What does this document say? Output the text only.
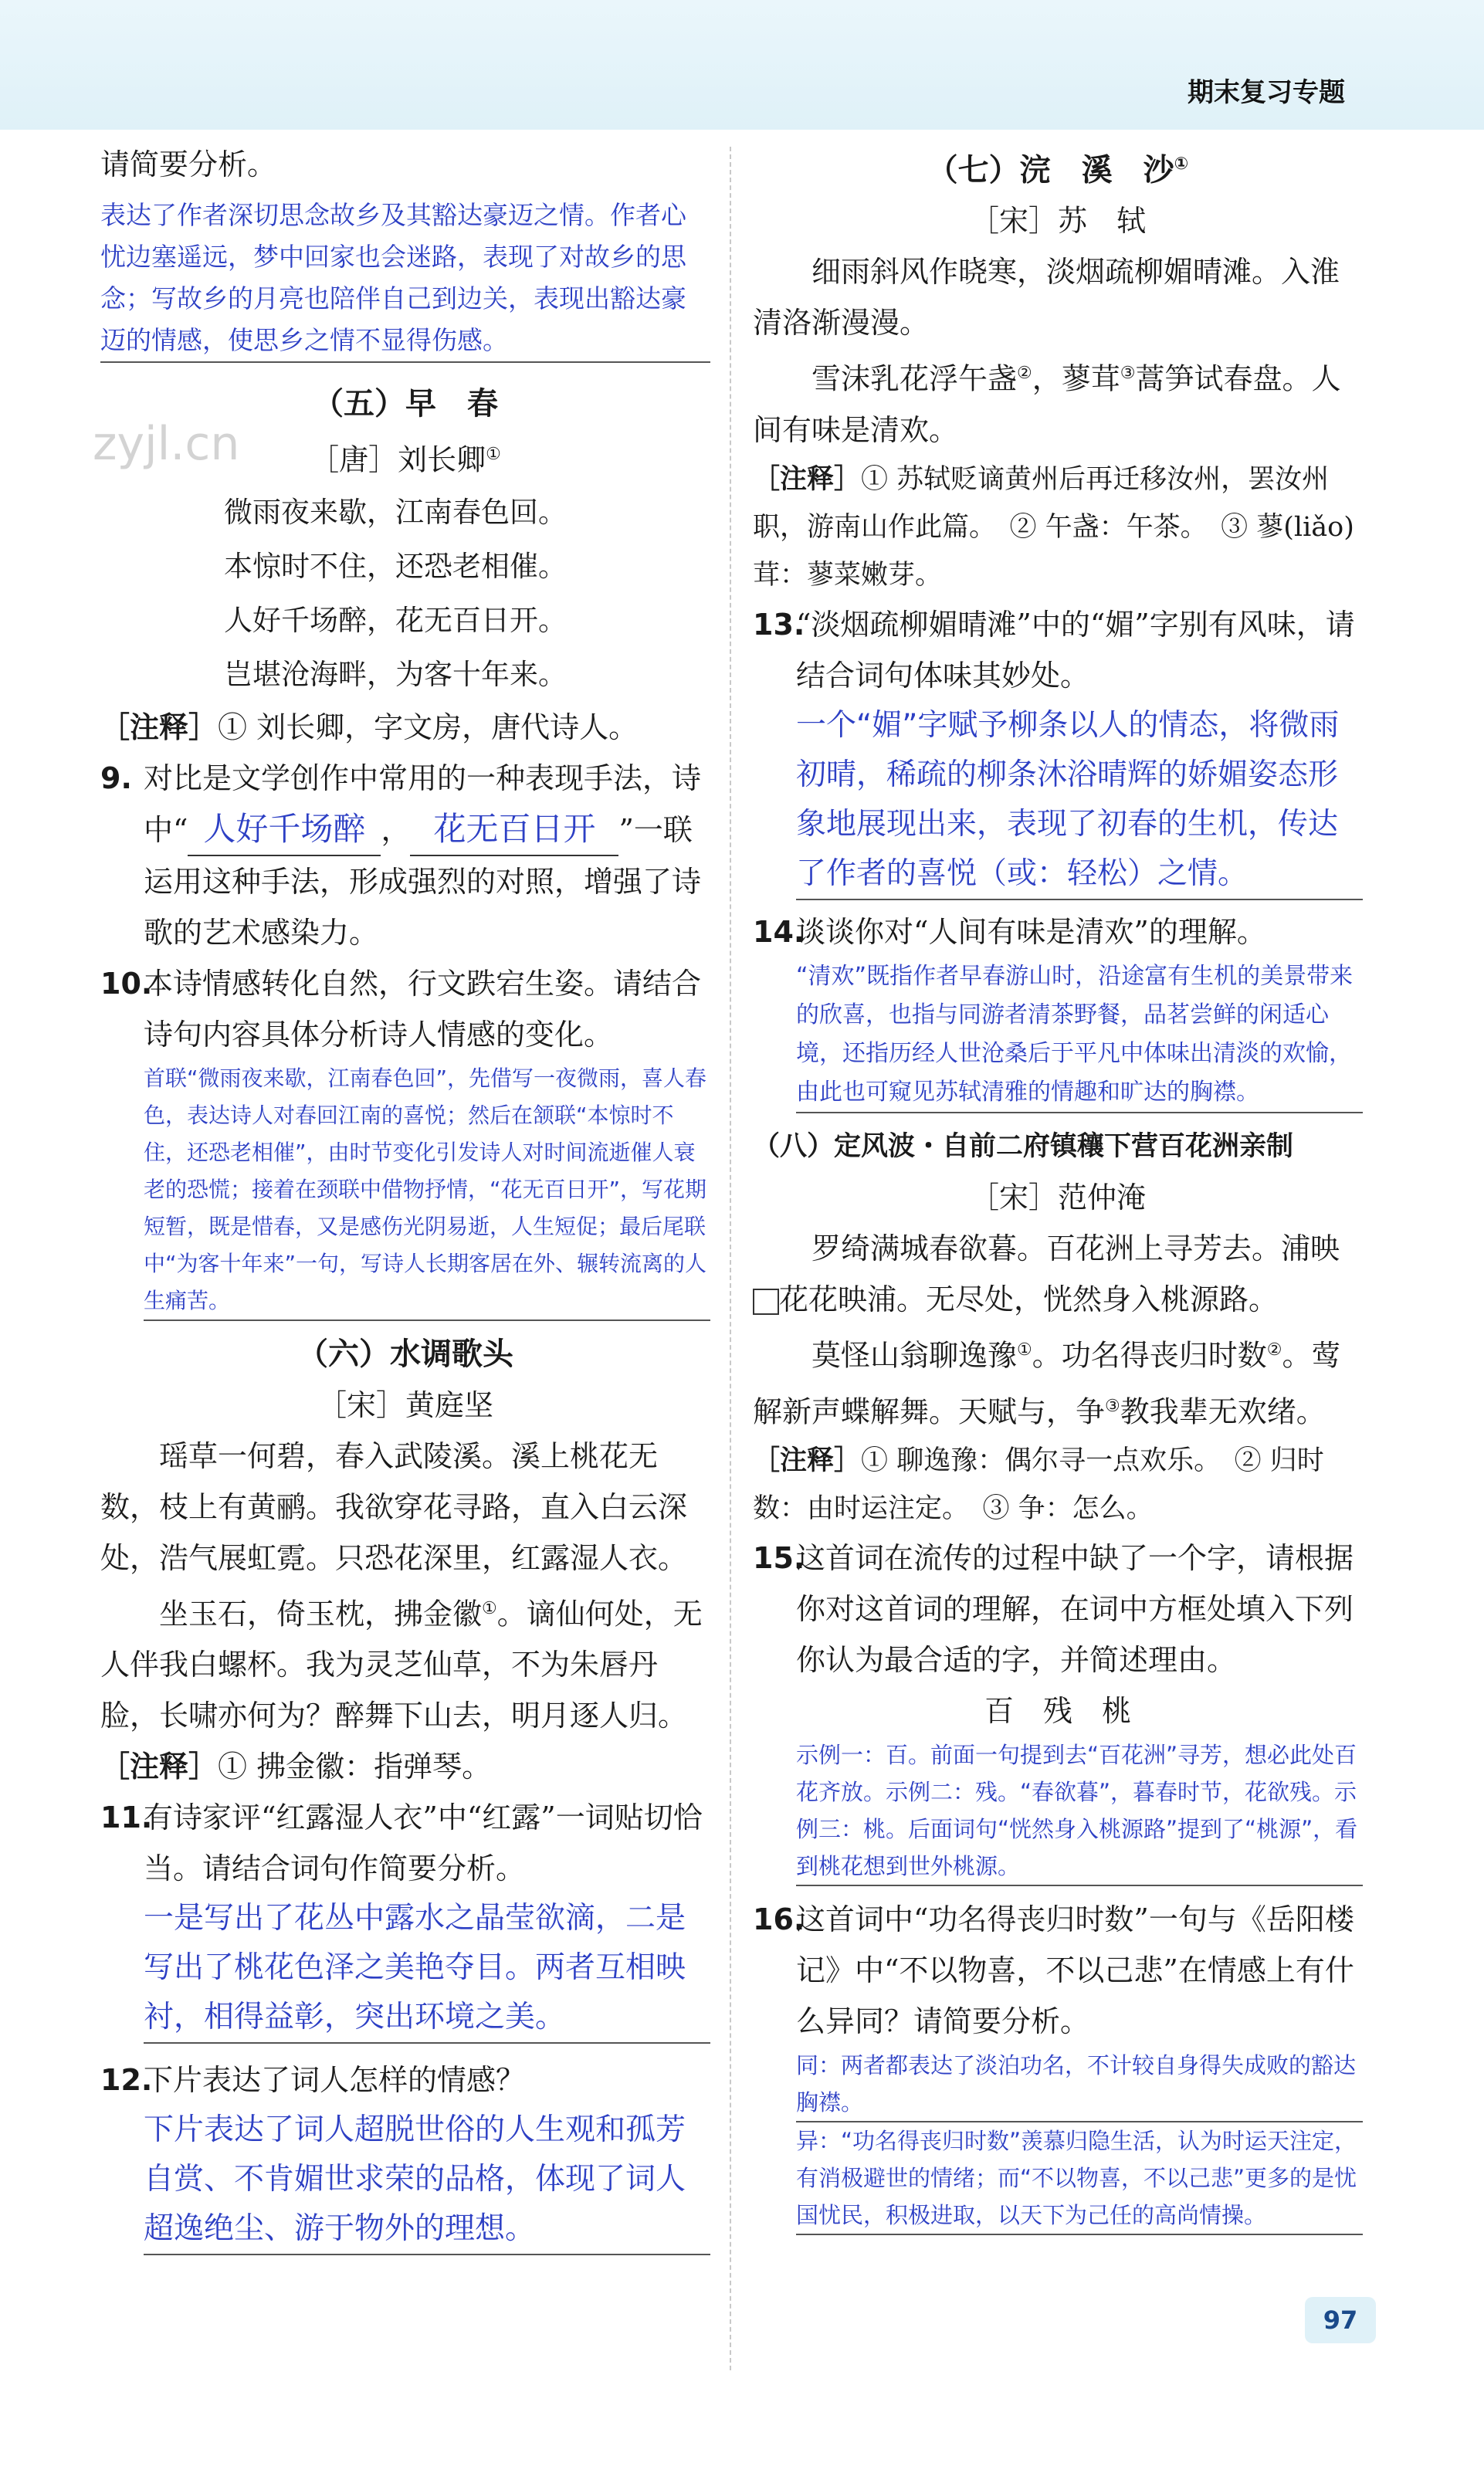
期末复习专题
zyjl.cn
请简要分析。
表达了作者深切思念故乡及其豁达豪迈之情。作者心忧边塞遥远，梦中回家也会迷路，表现了对故乡的思念；写故乡的月亮也陪伴自己到边关，表现出豁达豪迈的情感，使思乡之情不显得伤感。
（五）早　春
［唐］刘长卿①
微雨夜来歇，江南春色回。
本惊时不住，还恐老相催。
人好千场醉，花无百日开。
岂堪沧海畔，为客十年来。
［注释］① 刘长卿，字文房，唐代诗人。
9. 对比是文学创作中常用的一种表现手法，诗中“ 人好千场醉 ， 花无百日开 ”一联运用这种手法，形成强烈的对照，增强了诗歌的艺术感染力。
10.
本诗情感转化自然，行文跌宕生姿。请结合诗句内容具体分析诗人情感的变化。
首联“微雨夜来歇，江南春色回”，先借写一夜微雨，喜人春色，表达诗人对春回江南的喜悦；然后在颔联“本惊时不住，还恐老相催”，由时节变化引发诗人对时间流逝催人衰老的恐慌；接着在颈联中借物抒情，“花无百日开”，写花期短暂，既是惜春，又是感伤光阴易逝，人生短促；最后尾联中“为客十年来”一句，写诗人长期客居在外、辗转流离的人生痛苦。
（六）水调歌头
［宋］黄庭坚
瑶草一何碧，春入武陵溪。溪上桃花无数，枝上有黄鹂。我欲穿花寻路，直入白云深处，浩气展虹霓。只恐花深里，红露湿人衣。
坐玉石，倚玉枕，拂金徽①。谪仙何处，无人伴我白螺杯。我为灵芝仙草，不为朱唇丹脸，长啸亦何为？醉舞下山去，明月逐人归。
［注释］① 拂金徽：指弹琴。
11.
有诗家评“红露湿人衣”中“红露”一词贴切恰当。请结合词句作简要分析。
一是写出了花丛中露水之晶莹欲滴，二是写出了桃花色泽之美艳夺目。两者互相映衬，相得益彰，突出环境之美。
12.
下片表达了词人怎样的情感？
下片表达了词人超脱世俗的人生观和孤芳自赏、不肯媚世求荣的品格，体现了词人超逸绝尘、游于物外的理想。
（七）浣　溪　沙①
［宋］苏　轼
细雨斜风作晓寒，淡烟疏柳媚晴滩。入淮清洛渐漫漫。
雪沫乳花浮午盏②，蓼茸③蒿笋试春盘。人间有味是清欢。
［注释］① 苏轼贬谪黄州后再迁移汝州，罢汝州职，游南山作此篇。　② 午盏：午茶。　③ 蓼(liǎo)茸：蓼菜嫩芽。
13.
“淡烟疏柳媚晴滩”中的“媚”字别有风味，请结合词句体味其妙处。
一个“媚”字赋予柳条以人的情态，将微雨初晴，稀疏的柳条沐浴晴辉的娇媚姿态形象地展现出来，表现了初春的生机，传达了作者的喜悦（或：轻松）之情。
14.
谈谈你对“人间有味是清欢”的理解。
“清欢”既指作者早春游山时，沿途富有生机的美景带来的欣喜，也指与同游者清茶野餐，品茗尝鲜的闲适心境，还指历经人世沧桑后于平凡中体味出清淡的欢愉，由此也可窥见苏轼清雅的情趣和旷达的胸襟。
（八）定风波・自前二府镇穰下营百花洲亲制
［宋］范仲淹
罗绮满城春欲暮。百花洲上寻芳去。浦映花花映浦。无尽处，恍然身入桃源路。
莫怪山翁聊逸豫①。功名得丧归时数②。莺解新声蝶解舞。天赋与，争③教我辈无欢绪。
［注释］① 聊逸豫：偶尔寻一点欢乐。　② 归时数：由时运注定。　③ 争：怎么。
15.
这首词在流传的过程中缺了一个字，请根据你对这首词的理解，在词中方框处填入下列你认为最合适的字，并简述理由。
百　残　桃
示例一：百。前面一句提到去“百花洲”寻芳，想必此处百花齐放。示例二：残。“春欲暮”，暮春时节，花欲残。示例三：桃。后面词句“恍然身入桃源路”提到了“桃源”，看到桃花想到世外桃源。
16.
这首词中“功名得丧归时数”一句与《岳阳楼记》中“不以物喜，不以己悲”在情感上有什么异同？请简要分析。
同：两者都表达了淡泊功名，不计较自身得失成败的豁达胸襟。
异：“功名得丧归时数”羡慕归隐生活，认为时运天注定，有消极避世的情绪；而“不以物喜，不以己悲”更多的是忧国忧民，积极进取，以天下为己任的高尚情操。
97
